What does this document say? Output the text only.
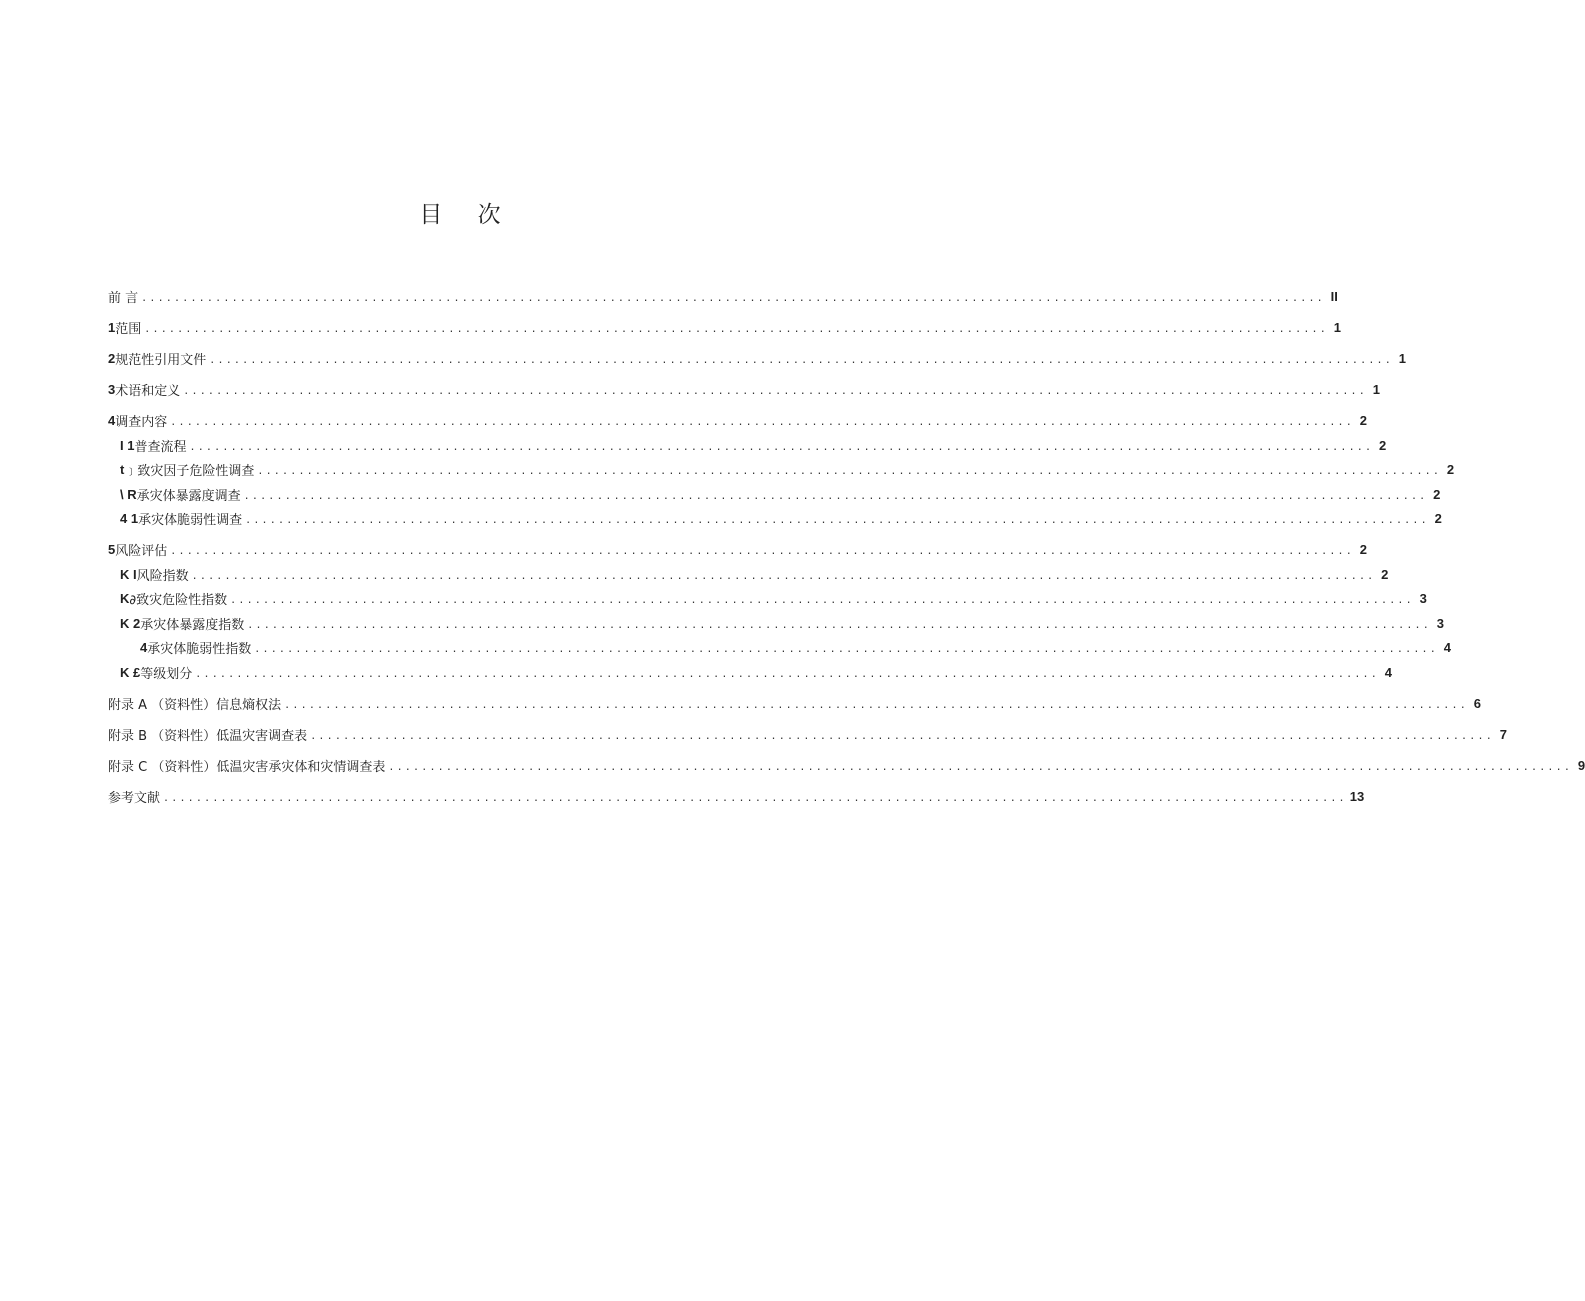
目 次
前 言 ................................................................................................................................................ II
1 范围 ................................................................................................................................................ 1
2 规范性引用文件 ................................................................................................................................................ 1
3 术语和定义 ................................................................................................................................................ 1
4 调查内容 ................................................................................................................................................ 2
I 1 普查流程 ................................................................................................................................................ 2
t ﹞致灾因子危险性调查 ................................................................................................................................................ 2
\ R 承灾体暴露度调查 ................................................................................................................................................ 2
4 1 承灾体脆弱性调查 ................................................................................................................................................ 2
5 风险评估 ................................................................................................................................................ 2
K I 风险指数 ................................................................................................................................................ 2
K ∂致灾危险性指数 ................................................................................................................................................ 3
K 2 承灾体暴露度指数 ................................................................................................................................................ 3
4 承灾体脆弱性指数 ................................................................................................................................................ 4
K £ 等级划分 ................................................................................................................................................ 4
附录 A （资料性）信息熵权法 ................................................................................................................................................ 6
附录 B （资料性）低温灾害调查表 ................................................................................................................................................ 7
附录 C （资料性）低温灾害承灾体和灾情调查表 ................................................................................................................................................ 9
参考文献 ................................................................................................................................................ 13
